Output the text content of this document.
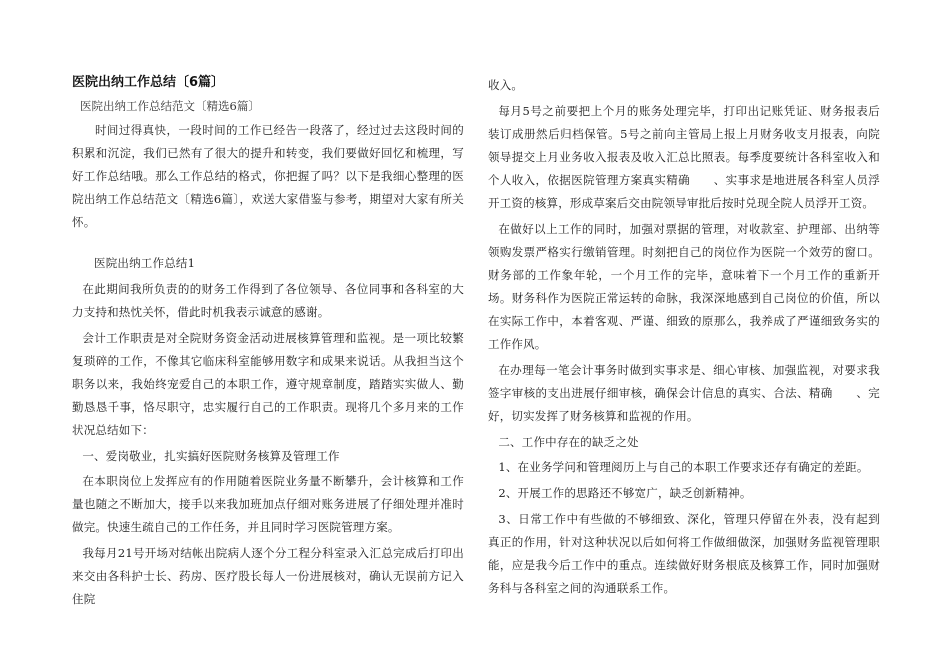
医院出纳工作总结〔6篇〕
医院出纳工作总结范文〔精选6篇〕

时间过得真快，一段时间的工作已经告一段落了，经过过去这段时间的积累和沉淀，我们已然有了很大的提升和转变，我们要做好回忆和梳理，写好工作总结哦。那么工作总结的格式，你把握了吗？以下是我细心整理的医院出纳工作总结范文〔精选6篇〕，欢送大家借鉴与参考，期望对大家有所关怀。

医院出纳工作总结1

在此期间我所负责的的财务工作得到了各位领导、各位同事和各科室的大力支持和热忱关怀，借此时机我表示诚意的感谢。

会计工作职责是对全院财务资金活动进展核算管理和监视。是一项比较繁复琐碎的工作，不像其它临床科室能够用数字和成果来说话。从我担当这个职务以来，我始终宠爱自己的本职工作，遵守规章制度，踏踏实实做人、勤勤恳恳千事，恪尽职守，忠实履行自己的工作职责。现将几个多月来的工作状况总结如下：

一、爱岗敬业，扎实搞好医院财务核算及管理工作

在本职岗位上发挥应有的作用随着医院业务量不断攀升，会计核算和工作量也随之不断加大，接手以来我加班加点仔细对账务进展了仔细处理并准时做完。快速生疏自己的工作任务，并且同时学习医院管理方案。

我每月21号开场对结帐出院病人逐个分工程分科室录入汇总完成后打印出来交由各科护士长、药房、医疗股长每人一份进展核对，确认无误前方记入住院

收入。

每月5号之前要把上个月的账务处理完毕，打印出记账凭证、财务报表后装订成册然后归档保管。5号之前向主管局上报上月财务收支月报表，向院领导提交上月业务收入报表及收入汇总比照表。每季度要统计各科室收入和个人收入，依据医院管理方案真实精确　　、实事求是地进展各科室人员浮开工资的核算，形成草案后交由院领导审批后按时兑现全院人员浮开工资。

在做好以上工作的同时，加强对票据的管理，对收款室、护理部、出纳等领购发票严格实行缴销管理。时刻把自己的岗位作为医院一个效劳的窗口。财务部的工作象年轮，一个月工作的完毕，意味着下一个月工作的重新开场。财务科作为医院正常运转的命脉，我深深地感到自己岗位的价值，所以在实际工作中，本着客观、严谨、细致的原那么，我养成了严谨细致务实的工作作风。

在办理每一笔会计事务时做到实事求是、细心审核、加强监视，对要求我签字审核的支出进展仔细审核，确保会计信息的真实、合法、精确　　、完好，切实发挥了财务核算和监视的作用。

二、工作中存在的缺乏之处

1、在业务学问和管理阅历上与自己的本职工作要求还存有确定的差距。

2、开展工作的思路还不够宽广，缺乏创新精神。

3、日常工作中有些做的不够细致、深化，管理只停留在外表，没有起到真正的作用，针对这种状况以后如何将工作做细做深，加强财务监视管理职能，应是我今后工作中的重点。连续做好财务根底及核算工作，同时加强财务科与各科室之间的沟通联系工作。
